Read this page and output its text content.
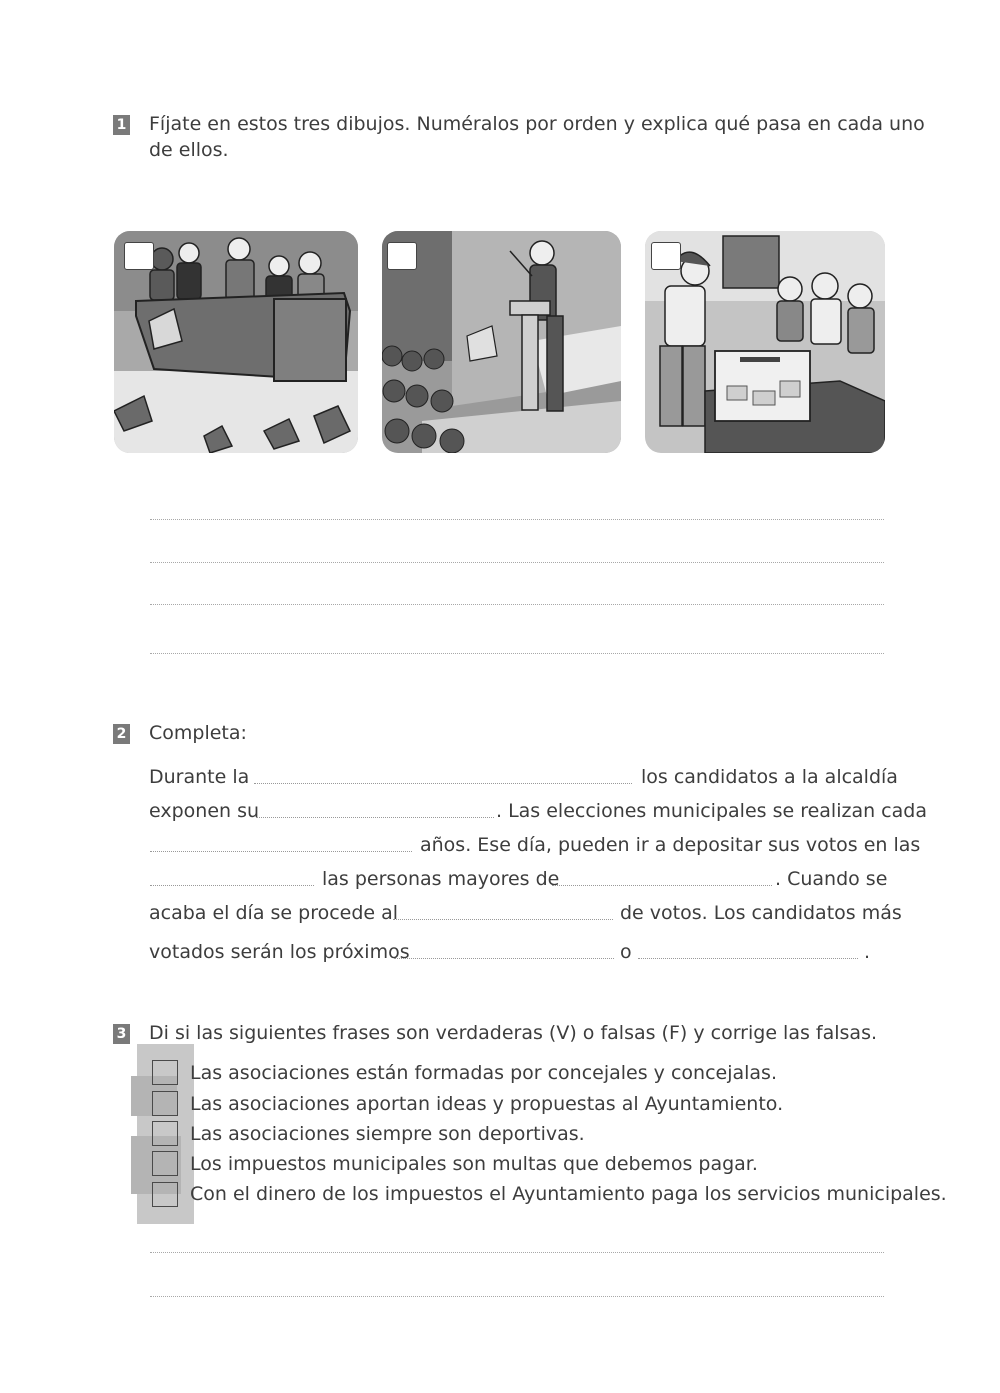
1 Fíjate en estos tres dibujos. Numéralos por orden y explica qué pasa en cada uno
de ellos.
2 Completa:
Durante la	los candidatos a la alcaldía
exponen su	. Las elecciones municipales se realizan cada
años. Ese día, pueden ir a depositar sus votos en las
las personas mayores de	. Cuando se
acaba el día se procede al	de votos. Los candidatos más
votados serán los próximos	o	.
3 Di si las siguientes frases son verdaderas (V) o falsas (F) y corrige las falsas.
Las asociaciones están formadas por concejales y concejalas.
Las asociaciones aportan ideas y propuestas al Ayuntamiento.
Las asociaciones siempre son deportivas.
Los impuestos municipales son multas que debemos pagar.
Con el dinero de los impuestos el Ayuntamiento paga los servicios municipales.
